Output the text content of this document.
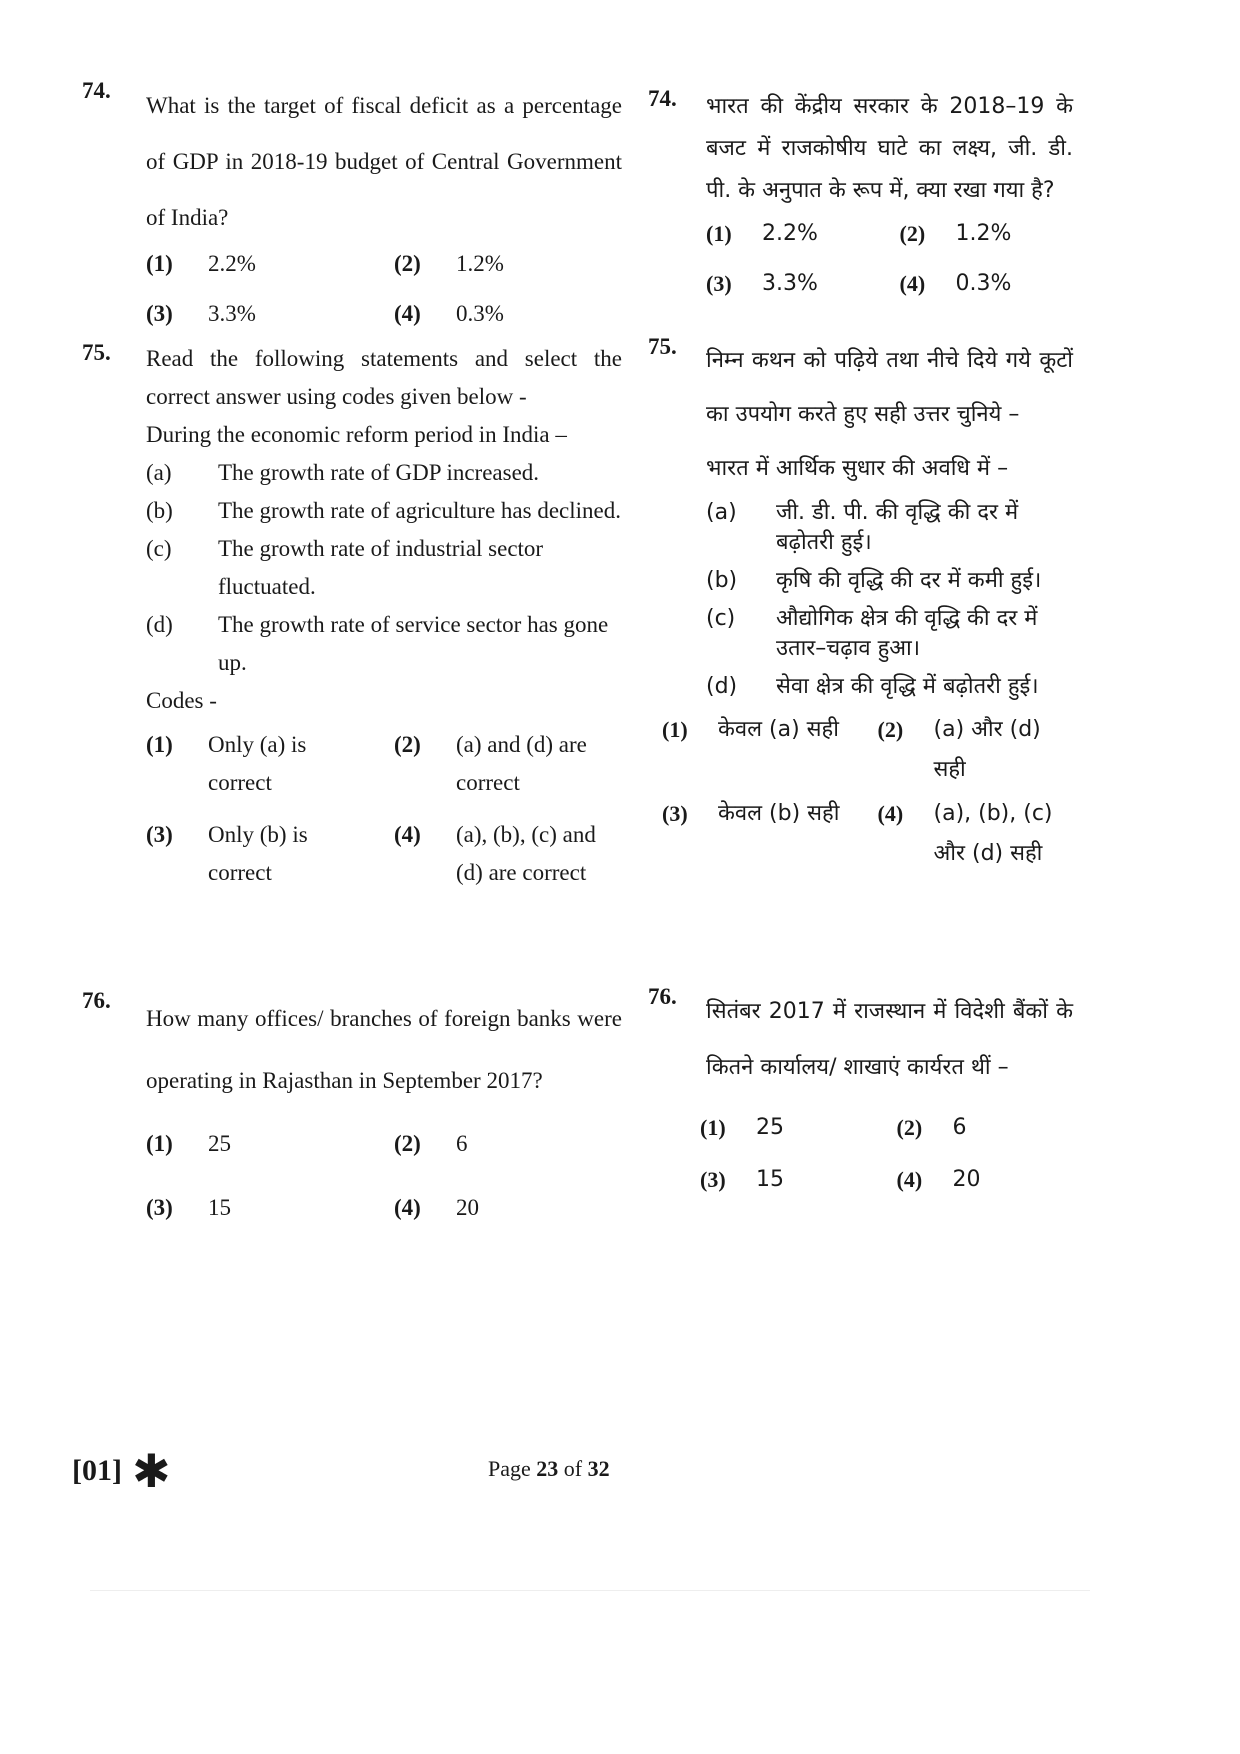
74.
What is the target of fiscal deficit as a percentage of GDP in 2018-19 budget of Central Government of India?
(1)	2.2%	(2)	1.2%
(3)	3.3%	(4)	0.3%
75. Read the following statements and select the correct answer using codes given below -
During the economic reform period in India –
(a)	The growth rate of GDP increased.
(b)	The growth rate of agriculture has declined.
(c)	The growth rate of industrial sector fluctuated.
(d)	The growth rate of service sector has gone up.
Codes -
(1)	Only (a) is correct
(2)	(a) and (d) are correct
(3)	Only (b) is correct
(4)	(a), (b), (c) and (d) are correct
76.
How many offices/ branches of foreign banks were operating in Rajasthan in September 2017?
(1)	25	(2)	6
(3)	15	(4)	20
74. भारत की केंद्रीय सरकार के 2018–19 के बजट में राजकोषीय घाटे का लक्ष्य, जी. डी. पी. के अनुपात के रूप में, क्या रखा गया है?
(1)	2.2%	(2)	1.2%
(3)	3.3%	(4)	0.3%
75.
निम्न कथन को पढ़िये तथा नीचे दिये गये कूटों का उपयोग करते हुए सही उत्तर चुनिये –
भारत में आर्थिक सुधार की अवधि में –
(a)	जी. डी. पी. की वृद्धि की दर में बढ़ोतरी हुई।
(b)	कृषि की वृद्धि की दर में कमी हुई।
(c)	औद्योगिक क्षेत्र की वृद्धि की दर में उतार–चढ़ाव हुआ।
(d)	सेवा क्षेत्र की वृद्धि में बढ़ोतरी हुई।
(1)	केवल (a) सही	(2)	(a) और (d) सही
(3)	केवल (b) सही	(4)	(a), (b), (c) और (d) सही
76.
सितंबर 2017 में राजस्थान में विदेशी बैंकों के कितने कार्यालय/ शाखाएं कार्यरत थीं –
(1)	25	(2)	6
(3)	15	(4)	20
[01] ✱	Page 23 of 32
